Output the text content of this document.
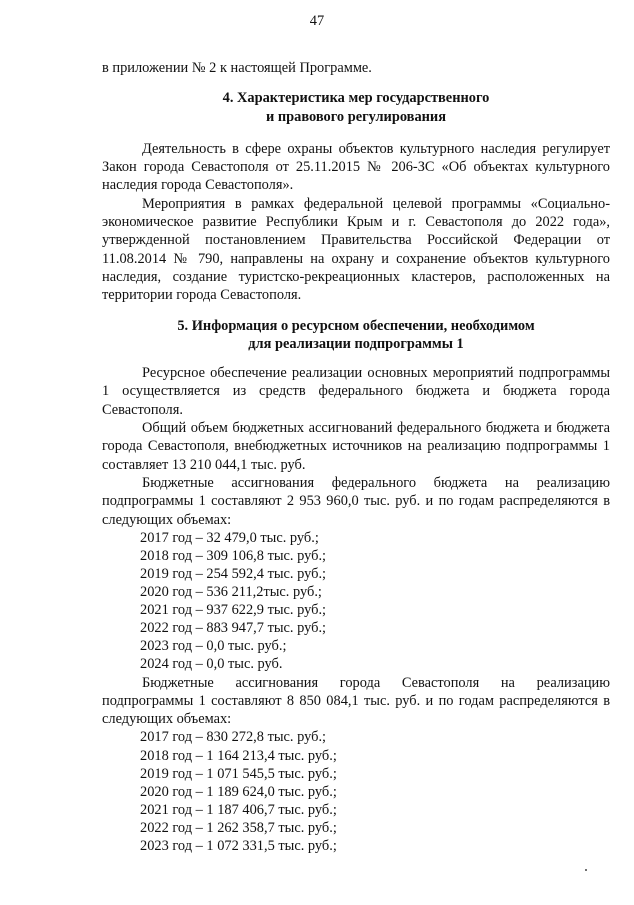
47

в приложении № 2 к настоящей Программе.

4. Характеристика мер государственного
и правового регулирования

Деятельность в сфере охраны объектов культурного наследия регулирует Закон города Севастополя от 25.11.2015 № 206-ЗС «Об объектах культурного наследия города Севастополя».

Мероприятия в рамках федеральной целевой программы «Социально-экономическое развитие Республики Крым и г. Севастополя до 2022 года», утвержденной постановлением Правительства Российской Федерации от 11.08.2014 № 790, направлены на охрану и сохранение объектов культурного наследия, создание туристско-рекреационных кластеров, расположенных на территории города Севастополя.

5. Информация о ресурсном обеспечении, необходимом
для реализации подпрограммы 1

Ресурсное обеспечение реализации основных мероприятий подпрограммы 1 осуществляется из средств федерального бюджета и бюджета города Севастополя.

Общий объем бюджетных ассигнований федерального бюджета и бюджета города Севастополя, внебюджетных источников на реализацию подпрограммы 1 составляет 13 210 044,1 тыс. руб.

Бюджетные ассигнования федерального бюджета на реализацию подпрограммы 1 составляют 2 953 960,0 тыс. руб. и по годам распределяются в следующих объемах:

2017 год – 32 479,0 тыс. руб.;

2018 год – 309 106,8 тыс. руб.;

2019 год – 254 592,4 тыс. руб.;

2020 год – 536 211,2тыс. руб.;

2021 год – 937 622,9 тыс. руб.;

2022 год – 883 947,7 тыс. руб.;

2023 год – 0,0 тыс. руб.;

2024 год – 0,0 тыс. руб.

Бюджетные ассигнования города Севастополя на реализацию подпрограммы 1 составляют 8 850 084,1 тыс. руб. и по годам распределяются в следующих объемах:

2017 год – 830 272,8 тыс. руб.;

2018 год – 1 164 213,4 тыс. руб.;

2019 год – 1 071 545,5 тыс. руб.;

2020 год – 1 189 624,0 тыс. руб.;

2021 год – 1 187 406,7 тыс. руб.;

2022 год – 1 262 358,7 тыс. руб.;

2023 год – 1 072 331,5 тыс. руб.;
